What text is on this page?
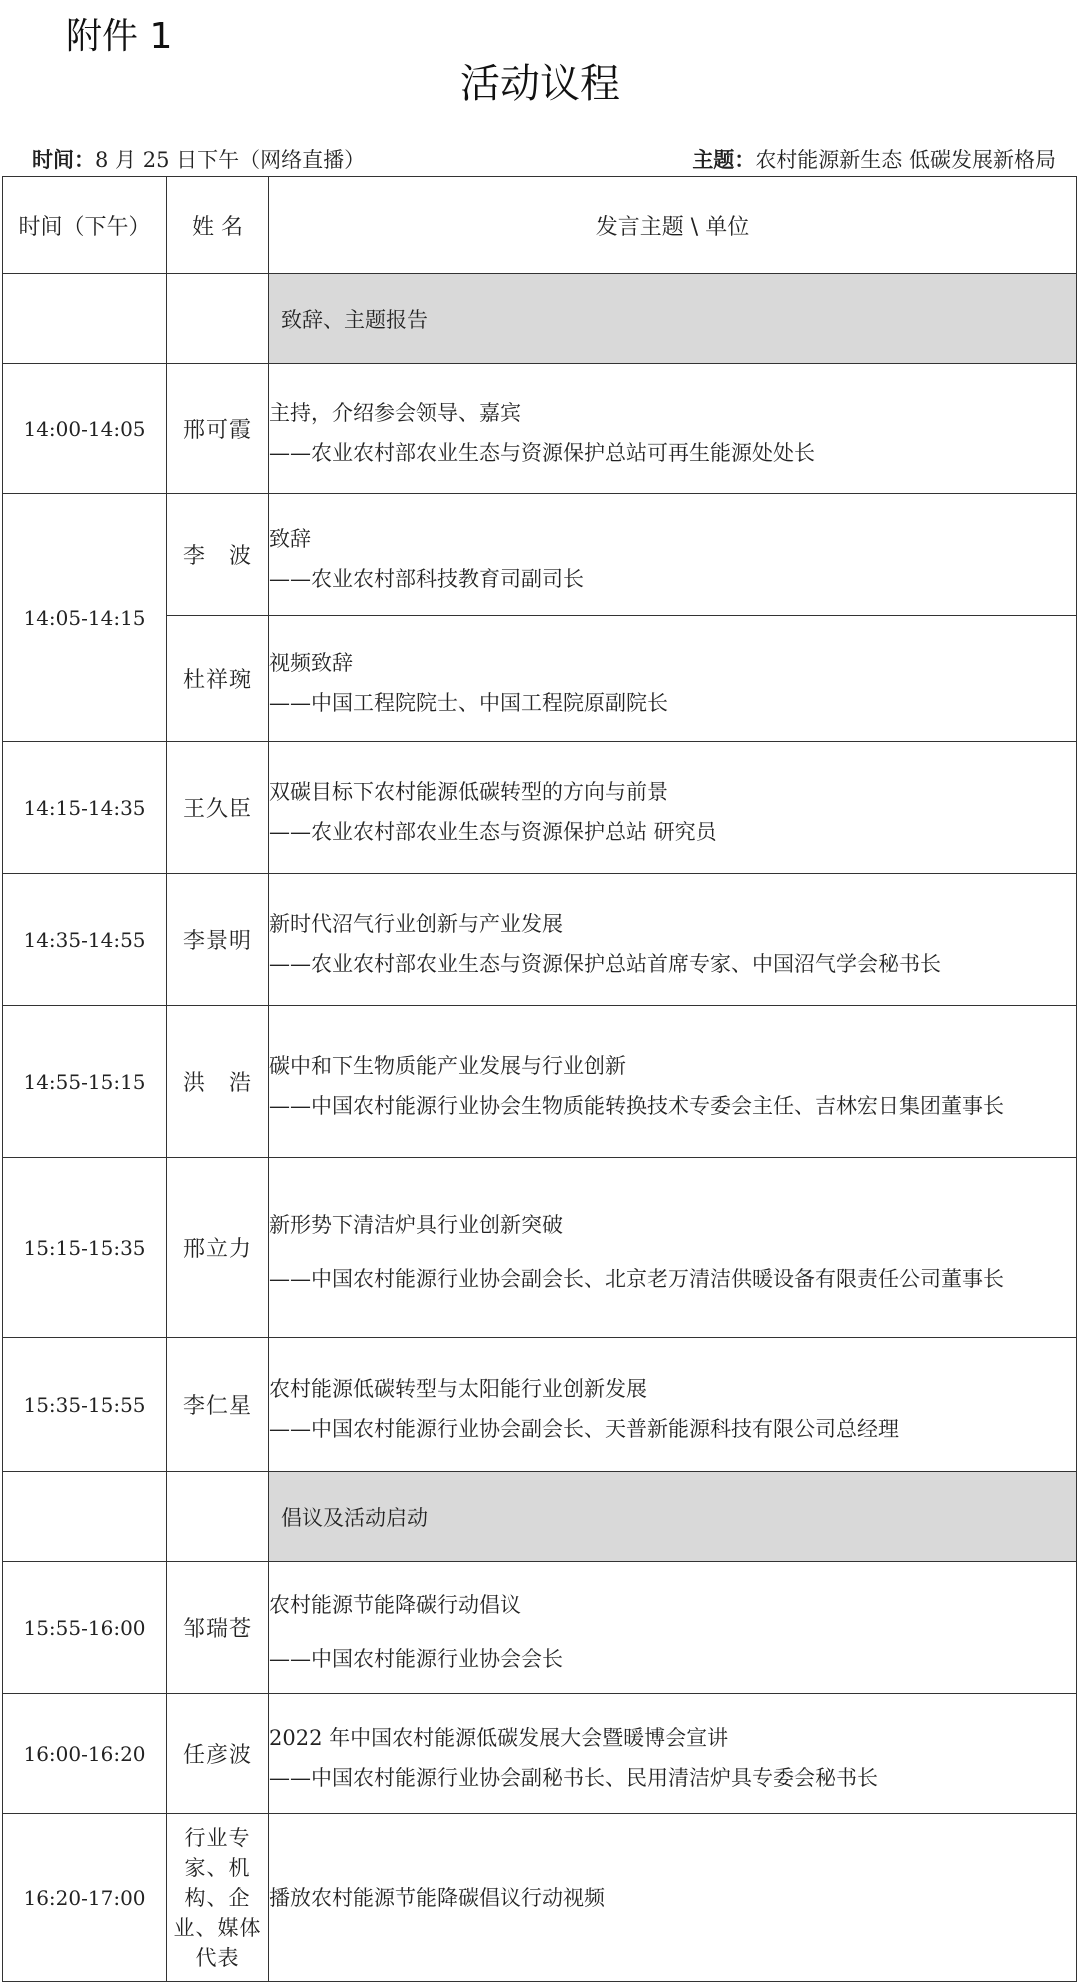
附件 1
活动议程
时间：8 月 25 日下午（网络直播）	主题：农村能源新生态 低碳发展新格局
时间（下午）	姓 名	发言主题 \ 单位
		致辞、主题报告
14:00-14:05	邢可霞	主持，介绍参会领导、嘉宾
——农业农村部农业生态与资源保护总站可再生能源处处长

14:05-14:15	李　波	致辞
——农业农村部科技教育司副司长

	杜祥琬	视频致辞
——中国工程院院士、中国工程院原副院长

14:15-14:35	王久臣	双碳目标下农村能源低碳转型的方向与前景
——农业农村部农业生态与资源保护总站 研究员

14:35-14:55	李景明	新时代沼气行业创新与产业发展
——农业农村部农业生态与资源保护总站首席专家、中国沼气学会秘书长

14:55-15:15	洪　浩	碳中和下生物质能产业发展与行业创新
——中国农村能源行业协会生物质能转换技术专委会主任、吉林宏日集团董事长

15:15-15:35	邢立力	新形势下清洁炉具行业创新突破
——中国农村能源行业协会副会长、北京老万清洁供暖设备有限责任公司董事长

15:35-15:55	李仁星	农村能源低碳转型与太阳能行业创新发展
——中国农村能源行业协会副会长、天普新能源科技有限公司总经理

		倡议及活动启动
15:55-16:00	邹瑞苍	农村能源节能降碳行动倡议
——中国农村能源行业协会会长

16:00-16:20	任彦波	2022 年中国农村能源低碳发展大会暨暖博会宣讲
——中国农村能源行业协会副秘书长、民用清洁炉具专委会秘书长

16:20-17:00	行业专家、机构、企业、媒体代表	播放农村能源节能降碳倡议行动视频
